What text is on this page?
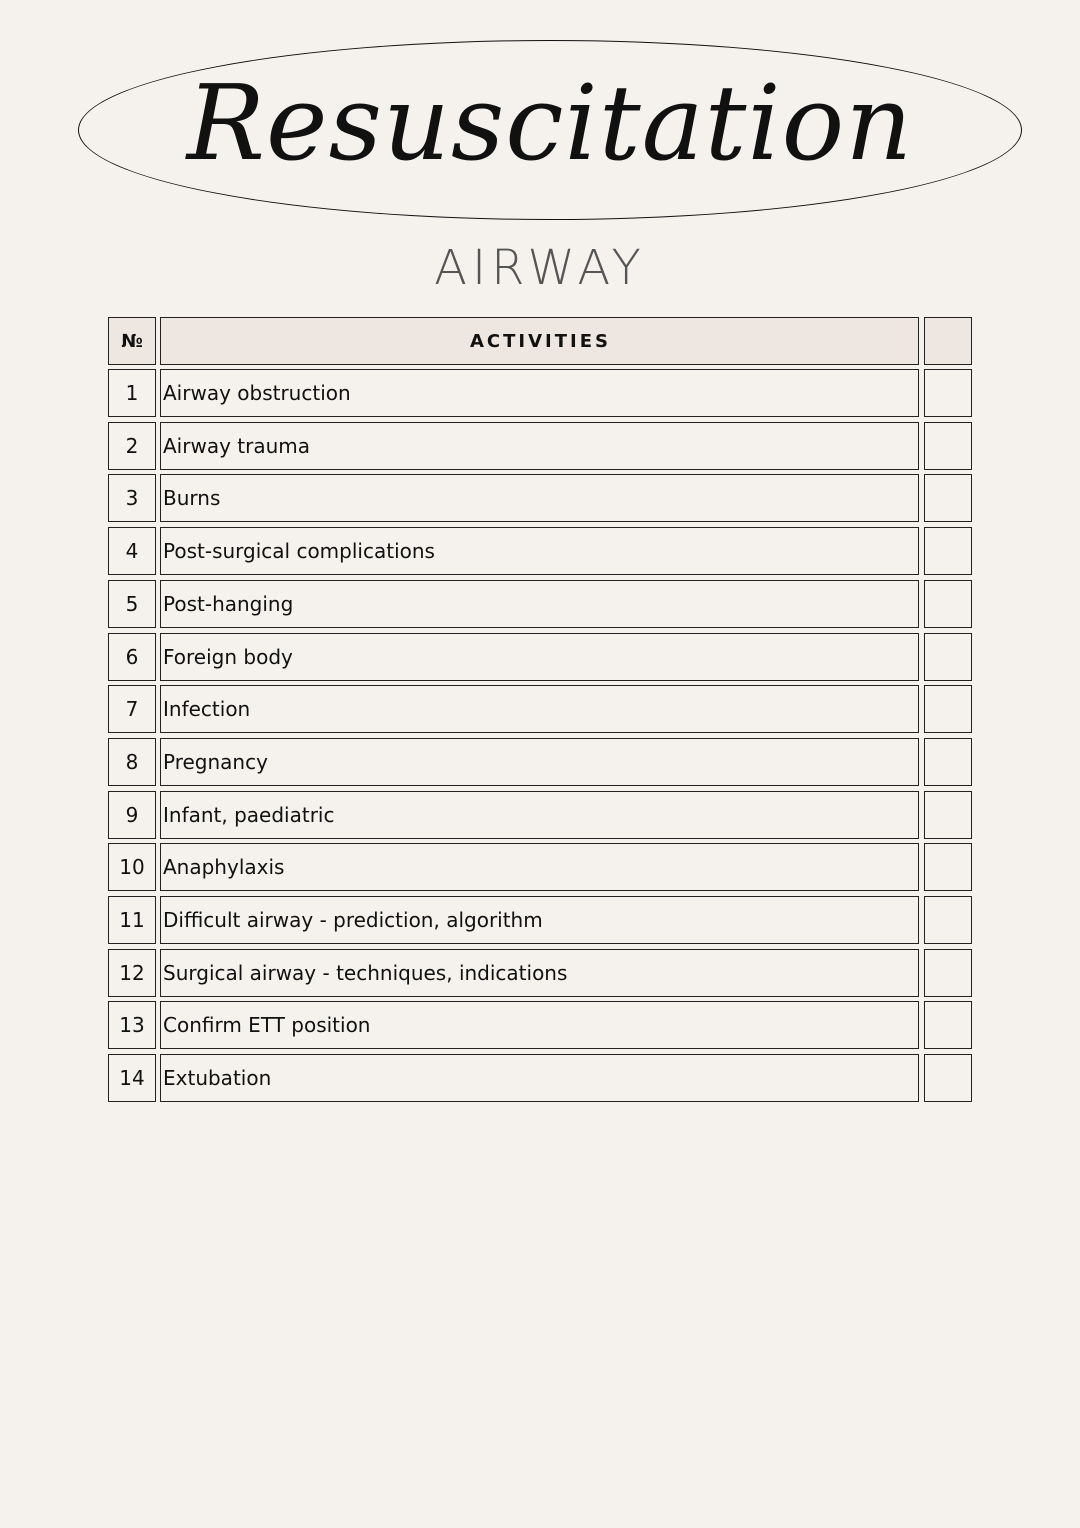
Resuscitation
AIRWAY
№	ACTIVITIES
1	Airway obstruction
2	Airway trauma
3	Burns
4	Post-surgical complications
5	Post-hanging
6	Foreign body
7	Infection
8	Pregnancy
9	Infant, paediatric
10 Anaphylaxis
11 Difficult airway - prediction, algorithm
12 Surgical airway - techniques, indications
13 Confirm ETT position
14 Extubation
